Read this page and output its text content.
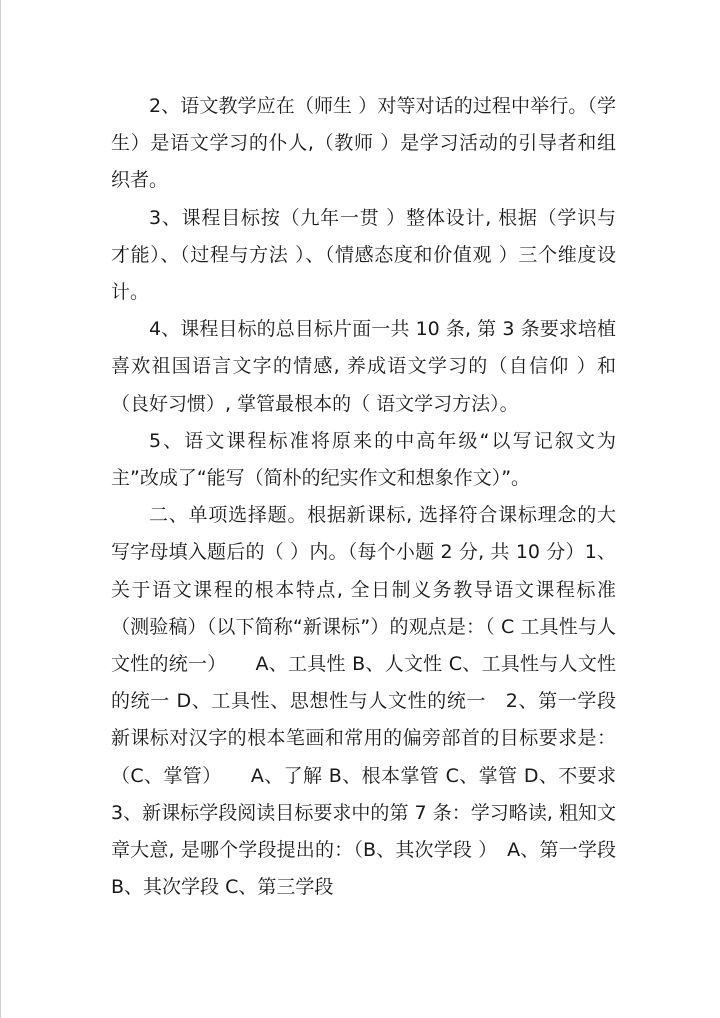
2、语文教学应在（师生 ）对等对话的过程中举行。（学生）是语文学习的仆人,（教师 ）是学习活动的引导者和组织者。

3、课程目标按（九年一贯 ）整体设计, 根据（学识与才能）、（过程与方法 ）、（情感态度和价值观 ）三个维度设计。

4、课程目标的总目标片面一共 10 条, 第 3 条要求培植喜欢祖国语言文字的情感, 养成语文学习的（自信仰 ）和（良好习惯）, 掌管最根本的（ 语文学习方法）。

5、语文课程标准将原来的中高年级“以写记叙文为主”改成了“能写（简朴的纪实作文和想象作文）”。

二、单项选择题。根据新课标, 选择符合课标理念的大写字母填入题后的（ ）内。（每个小题 2 分, 共 10 分）1、关于语文课程的根本特点, 全日制义务教导语文课程标准（测验稿）（以下简称“新课标”）的观点是：（ C 工具性与人文性的统一）　　A、工具性 B、人文性 C、工具性与人文性的统一 D、工具性、思想性与人文性的统一　2、第一学段新课标对汉字的根本笔画和常用的偏旁部首的目标要求是：（C、掌管）　　A、了解 B、根本掌管 C、掌管 D、不要求　3、新课标学段阅读目标要求中的第 7 条：学习略读, 粗知文章大意, 是哪个学段提出的：（B、其次学段 ）　A、第一学段　　　　B、其次学段 C、第三学段
